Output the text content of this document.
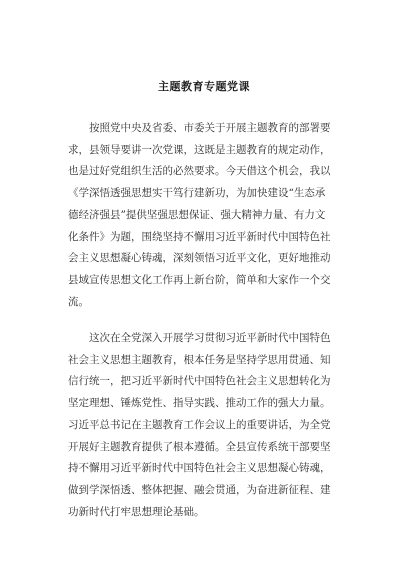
主题教育专题党课
按照党中央及省委、市委关于开展主题教育的部署要
求，县领导要讲一次党课，这既是主题教育的规定动作，
也是过好党组织生活的必然要求。今天借这个机会，我以
《学深悟透强思想实干笃行建新功，为加快建设“生态承
德经济强县”提供坚强思想保证、强大精神力量、有力文
化条件》为题，围绕坚持不懈用习近平新时代中国特色社
会主义思想凝心铸魂，深刻领悟习近平文化，更好地推动
县域宣传思想文化工作再上新台阶，简单和大家作一个交
流。
这次在全党深入开展学习贯彻习近平新时代中国特色
社会主义思想主题教育，根本任务是坚持学思用贯通、知
信行统一，把习近平新时代中国特色社会主义思想转化为
坚定理想、锤炼党性、指导实践、推动工作的强大力量。
习近平总书记在主题教育工作会议上的重要讲话，为全党
开展好主题教育提供了根本遵循。全县宣传系统干部要坚
持不懈用习近平新时代中国特色社会主义思想凝心铸魂，
做到学深悟透、整体把握、融会贯通，为奋进新征程、建
功新时代打牢思想理论基础。
